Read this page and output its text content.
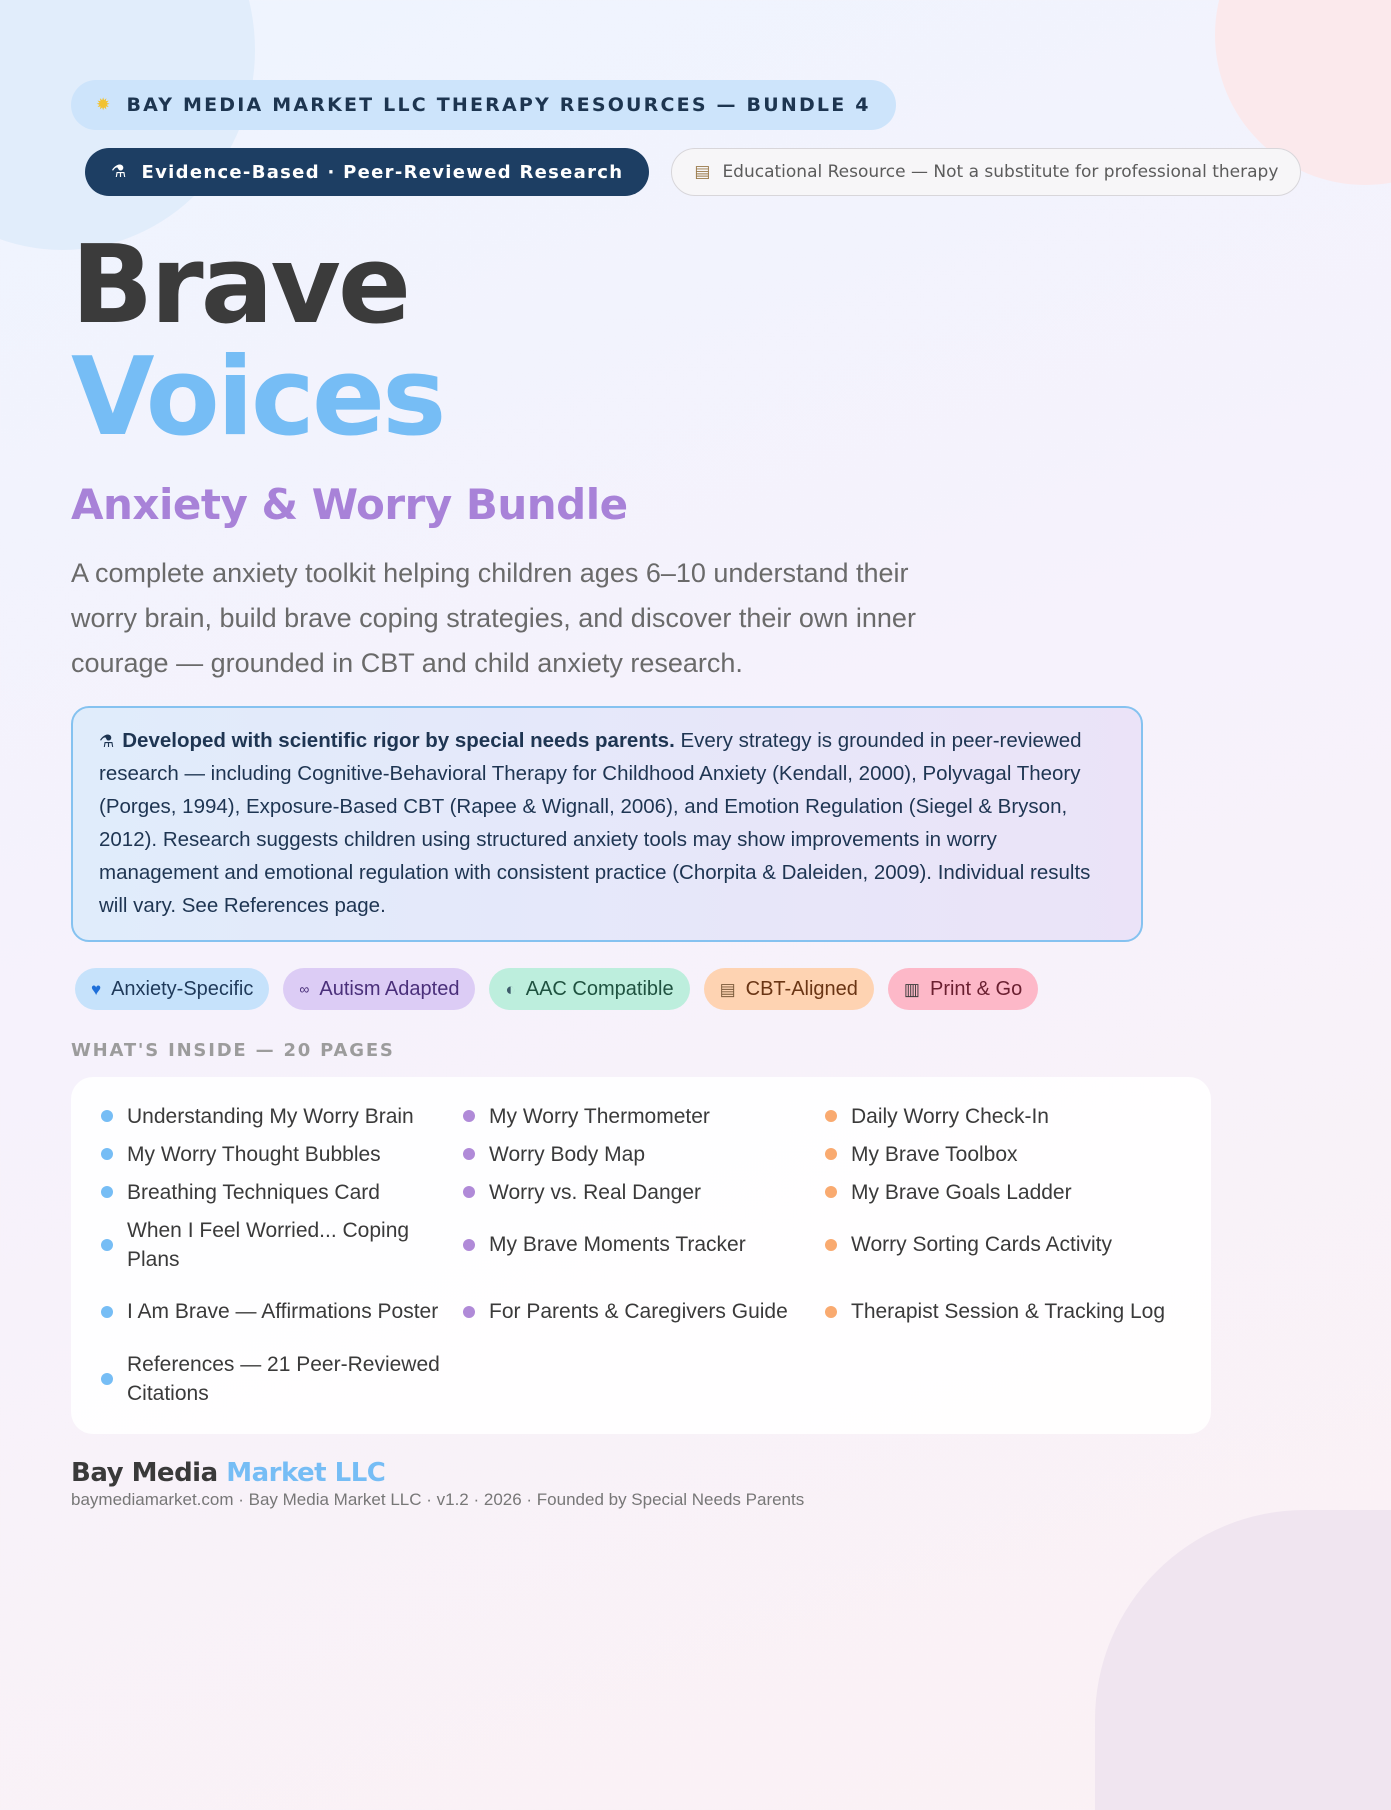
✹ BAY MEDIA MARKET LLC THERAPY RESOURCES — BUNDLE 4
⚗ Evidence-Based · Peer-Reviewed Research	▤ Educational Resource — Not a substitute for professional therapy
Brave
Voices
Anxiety & Worry Bundle
A complete anxiety toolkit helping children ages 6–10 understand their worry brain, build brave coping strategies, and discover their own inner courage — grounded in CBT and child anxiety research.
⚗ Developed with scientific rigor by special needs parents. Every strategy is grounded in peer-reviewed research — including Cognitive-Behavioral Therapy for Childhood Anxiety (Kendall, 2000), Polyvagal Theory (Porges, 1994), Exposure-Based CBT (Rapee & Wignall, 2006), and Emotion Regulation (Siegel & Bryson, 2012). Research suggests children using structured anxiety tools may show improvements in worry management and emotional regulation with consistent practice (Chorpita & Daleiden, 2009). Individual results will vary. See References page.
♥ Anxiety-Specific	∞ Autism Adapted	◐ AAC Compatible	▤ CBT-Aligned	▥ Print & Go
WHAT'S INSIDE — 20 PAGES
Understanding My Worry Brain
My Worry Thought Bubbles
Breathing Techniques Card
When I Feel Worried... Coping Plans
I Am Brave — Affirmations Poster
References — 21 Peer-Reviewed Citations
My Worry Thermometer
Worry Body Map
Worry vs. Real Danger
My Brave Moments Tracker
For Parents & Caregivers Guide
Daily Worry Check-In
My Brave Toolbox
My Brave Goals Ladder
Worry Sorting Cards Activity
Therapist Session & Tracking Log
Bay Media Market LLC
baymediamarket.com · Bay Media Market LLC · v1.2 · 2026 · Founded by Special Needs Parents
